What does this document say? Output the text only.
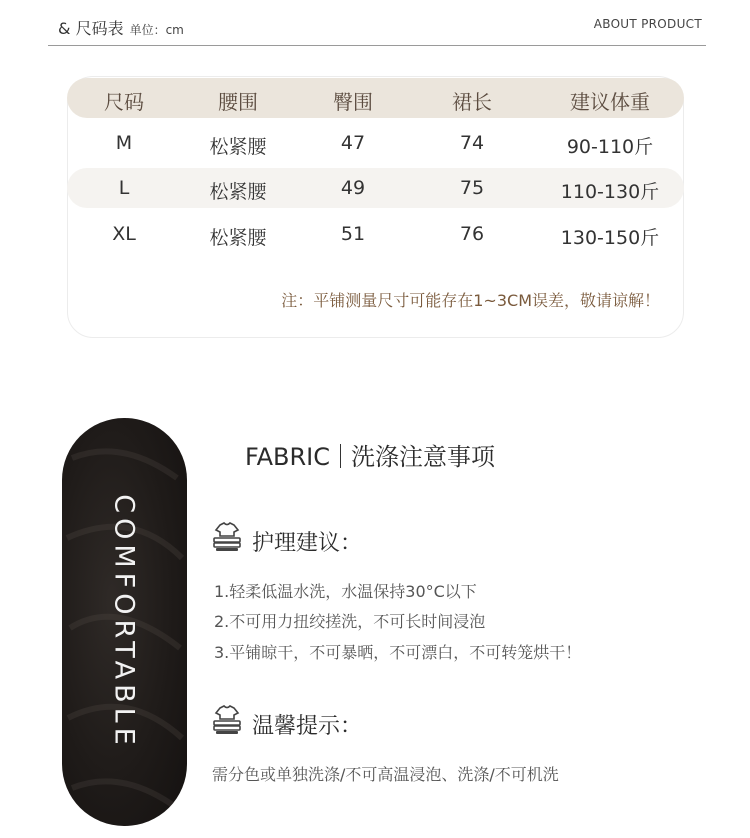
& 尺码表 单位：cm	ABOUT PRODUCT
尺码	腰围	臀围	裙长	建议体重
M	松紧腰	47	74	90-110斤
L	松紧腰	49	75	110-130斤
XL	松紧腰	51	76	130-150斤
注：平铺测量尺寸可能存在1~3CM误差，敬请谅解！
COMFORTABLE
FABRIC 洗涤注意事项
护理建议：
1.轻柔低温水洗，水温保持30°C以下
2.不可用力扭绞搓洗，不可长时间浸泡
3.平铺晾干，不可暴晒，不可漂白，不可转笼烘干！
温馨提示：
需分色或单独洗涤/不可高温浸泡、洗涤/不可机洗
